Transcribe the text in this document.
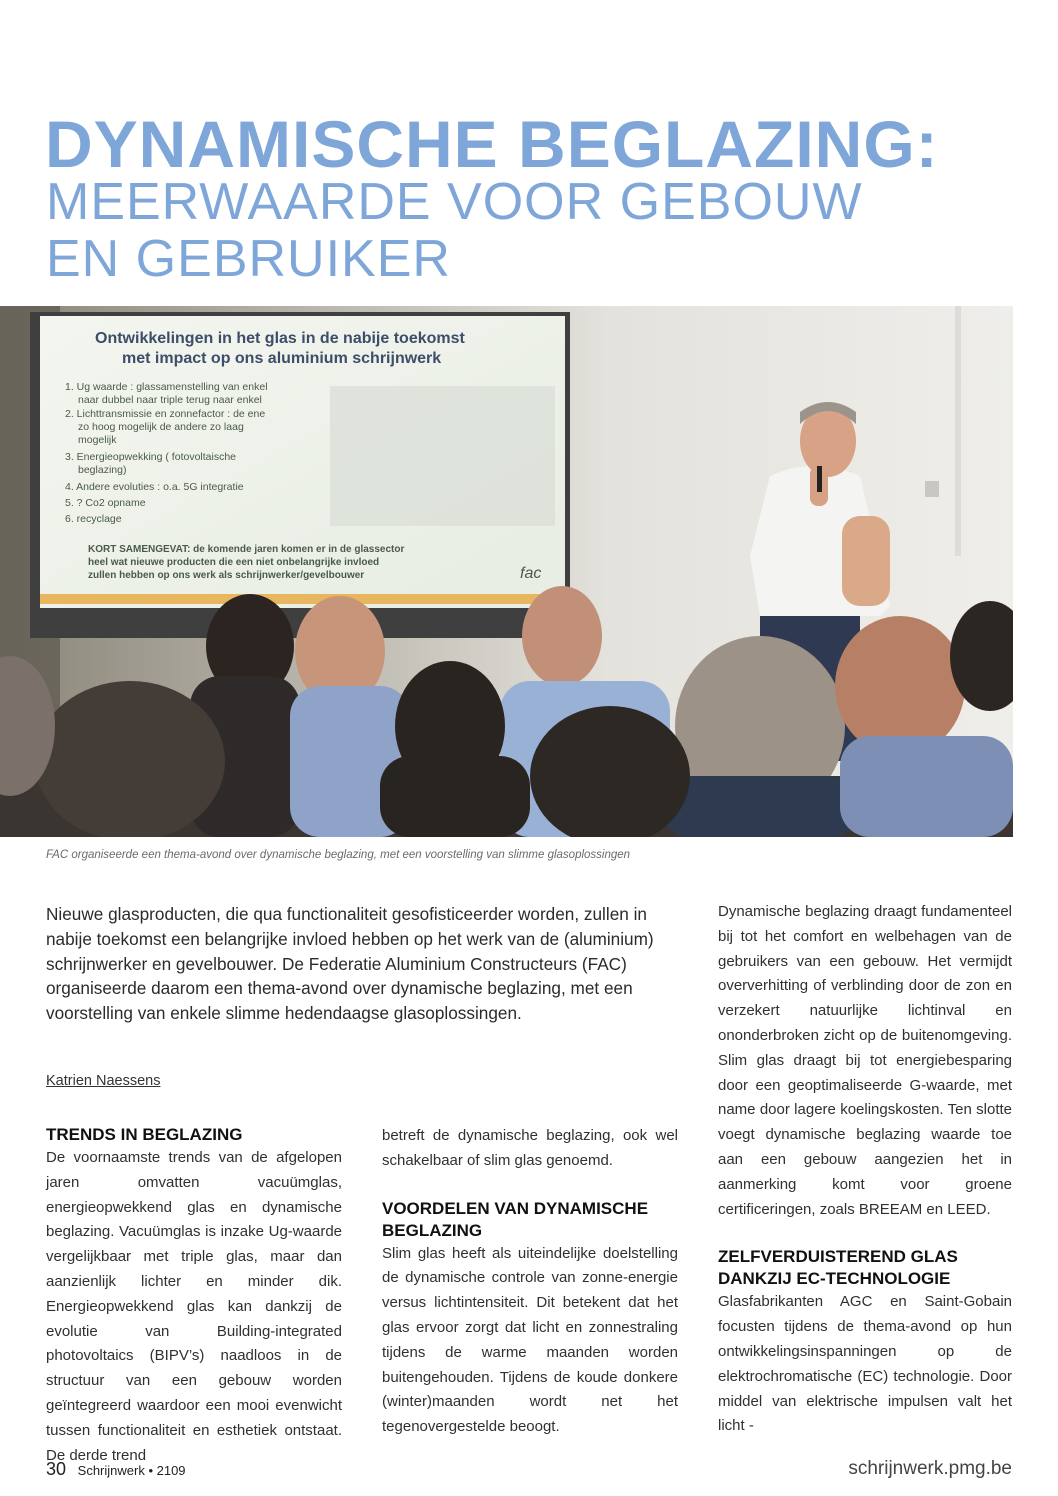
DYNAMISCHE BEGLAZING:
MEERWAARDE VOOR GEBOUW
EN GEBRUIKER
Ontwikkelingen in het glas in de nabije toekomst
met impact op ons aluminium schrijnwerk
1. Ug waarde : glassamenstelling van enkel
naar dubbel naar triple terug naar enkel
2. Lichttransmissie en zonnefactor : de ene
zo hoog mogelijk de andere zo laag
mogelijk
3. Energieopwekking ( fotovoltaische
beglazing)
4. Andere evoluties : o.a. 5G integratie
5. ? Co2 opname
6. recyclage
KORT SAMENGEVAT: de komende jaren komen er in de glassector
heel wat nieuwe producten die een niet onbelangrijke invloed
zullen hebben op ons werk als schrijnwerker/gevelbouwer	fac
FAC organiseerde een thema-avond over dynamische beglazing, met een voorstelling van slimme glasoplossingen

Nieuwe glasproducten, die qua functionaliteit gesofisticeerder worden, zullen in nabije toekomst een belangrijke invloed hebben op het werk van de (aluminium) schrijnwerker en gevelbouwer. De Federatie Aluminium Constructeurs (FAC) organiseerde daarom een thema-avond over dynamische beglazing, met een voorstelling van enkele slimme hedendaagse glasoplossingen.

Katrien Naessens
TRENDS IN BEGLAZING

De voornaamste trends van de afgelopen jaren omvatten vacuümglas, energieopwekkend glas en dynamische beglazing. Vacuümglas is inzake Ug-waarde vergelijkbaar met triple glas, maar dan aanzienlijk lichter en minder dik. Energieopwekkend glas kan dankzij de evolutie van Building-integrated photovoltaics (BIPV’s) naadloos in de structuur van een gebouw worden geïntegreerd waardoor een mooi evenwicht tussen functionaliteit en esthetiek ontstaat. De derde trend

betreft de dynamische beglazing, ook wel schakelbaar of slim glas genoemd.

VOORDELEN VAN DYNAMISCHE BEGLAZING

Slim glas heeft als uiteindelijke doelstelling de dynamische controle van zonne-energie versus lichtintensiteit. Dit betekent dat het glas ervoor zorgt dat licht en zonnestraling tijdens de warme maanden worden buitengehouden. Tijdens de koude donkere (winter)maanden wordt net het tegenovergestelde beoogt.

Dynamische beglazing draagt fundamenteel bij tot het comfort en welbehagen van de gebruikers van een gebouw. Het vermijdt oververhitting of verblinding door de zon en verzekert natuurlijke lichtinval en ononderbroken zicht op de buitenomgeving. Slim glas draagt bij tot energiebesparing door een geoptimaliseerde G-waarde, met name door lagere koelingskosten. Ten slotte voegt dynamische beglazing waarde toe aan een gebouw aangezien het in aanmerking komt voor groene certificeringen, zoals BREEAM en LEED.

ZELFVERDUISTEREND GLAS DANKZIJ EC-TECHNOLOGIE

Glasfabrikanten AGC en Saint-Gobain focusten tijdens de thema-avond op hun ontwikkelingsinspanningen op de elektrochromatische (EC) technologie. Door middel van elektrische impulsen valt het licht -

30 Schrijnwerk • 2109	schrijnwerk.pmg.be
